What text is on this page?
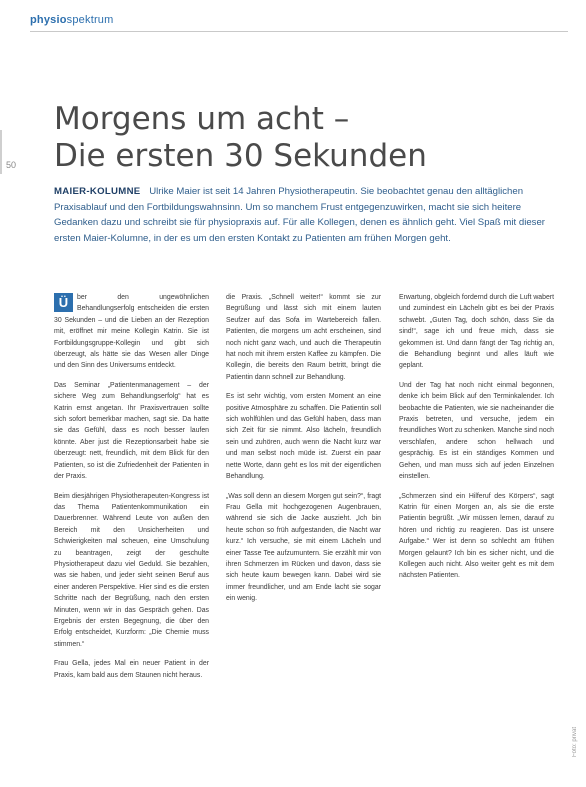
physiospektrum
50
Morgens um acht –
Die ersten 30 Sekunden

MAIER-KOLUMNE Ulrike Maier ist seit 14 Jahren Physiotherapeutin. Sie beobachtet genau den alltäglichen Praxisablauf und den Fortbildungswahnsinn. Um so manchem Frust entgegenzuwirken, macht sie sich heitere Gedanken dazu und schreibt sie für physiopraxis auf. Für alle Kollegen, denen es ähnlich geht. Viel Spaß mit dieser ersten Maier-Kolumne, in der es um den ersten Kontakt zu Patienten am frühen Morgen geht.

Ü	ber den ungewöhnlichen Behandlungserfolg entscheiden die ersten 30 Sekunden – und die Lieben an der Rezeption mit, eröffnet mir meine Kollegin Katrin. Sie ist Fortbildungsgruppe-Kollegin und gibt sich überzeugt, als hätte sie das Wesen aller Dinge und den Sinn des Universums entdeckt.

Das Seminar „Patientenmanagement – der sichere Weg zum Behandlungserfolg“ hat es Katrin ernst angetan. Ihr Praxisvertrauen sollte sich sofort bemerkbar machen, sagt sie. Da hatte sie das Gefühl, dass es noch besser laufen könnte. Aber just die Rezeptionsarbeit habe sie überzeugt: nett, freundlich, mit dem Blick für den Patienten, so ist die Zufriedenheit der Patienten in der Praxis.

Beim diesjährigen Physiotherapeuten-Kongress ist das Thema Patientenkommunikation ein Dauerbrenner. Während Leute von außen den Bereich mit den Unsicherheiten und Schwierigkeiten mal scheuen, eine Umschulung zu beantragen, zeigt der geschulte Physiotherapeut dazu viel Geduld. Sie bezahlen, was sie haben, und jeder sieht seinen Beruf aus einer anderen Perspektive. Hier sind es die ersten Schritte nach der Begrüßung, nach den ersten Minuten, wenn wir in das Gespräch gehen. Das Ergebnis der ersten Begegnung, die über den Erfolg entscheidet, Kurzform: „Die Chemie muss stimmen.“

Frau Gella, jedes Mal ein neuer Patient in der Praxis, kam bald aus dem Staunen nicht heraus.

die Praxis. „Schnell weiter!“ kommt sie zur Begrüßung und lässt sich mit einem lauten Seufzer auf das Sofa im Wartebereich fallen. Patienten, die morgens um acht erscheinen, sind noch nicht ganz wach, und auch die Therapeutin hat noch mit ihrem ersten Kaffee zu kämpfen. Die Kollegin, die bereits den Raum betritt, bringt die Patientin dann schnell zur Behandlung.

Es ist sehr wichtig, vom ersten Moment an eine positive Atmosphäre zu schaffen. Die Patientin soll sich wohlfühlen und das Gefühl haben, dass man sich Zeit für sie nimmt. Also lächeln, freundlich sein und zuhören, auch wenn die Nacht kurz war und man selbst noch müde ist. Zuerst ein paar nette Worte, dann geht es los mit der eigentlichen Behandlung.

„Was soll denn an diesem Morgen gut sein?“, fragt Frau Gella mit hochgezogenen Augenbrauen, während sie sich die Jacke auszieht. „Ich bin heute schon so früh aufgestanden, die Nacht war kurz.“ Ich versuche, sie mit einem Lächeln und einer Tasse Tee aufzumuntern. Sie erzählt mir von ihren Schmerzen im Rücken und davon, dass sie sich heute kaum bewegen kann. Dabei wird sie immer freundlicher, und am Ende lacht sie sogar ein wenig.

Erwartung, obgleich fordernd durch die Luft wabert und zumindest ein Lächeln gibt es bei der Praxis schwebt. „Guten Tag, doch schön, dass Sie da sind!“, sage ich und freue mich, dass sie gekommen ist. Und dann fängt der Tag richtig an, die Behandlung beginnt und alles läuft wie geplant.

Und der Tag hat noch nicht einmal begonnen, denke ich beim Blick auf den Terminkalender. Ich beobachte die Patienten, wie sie nacheinander die Praxis betreten, und versuche, jedem ein freundliches Wort zu schenken. Manche sind noch verschlafen, andere schon hellwach und gesprächig. Es ist ein ständiges Kommen und Gehen, und man muss sich auf jeden Einzelnen einstellen.

„Schmerzen sind ein Hilferuf des Körpers“, sagt Katrin für einen Morgen an, als sie die erste Patientin begrüßt. „Wir müssen lernen, darauf zu hören und richtig zu reagieren. Das ist unsere Aufgabe.“ Wer ist denn so schlecht am frühen Morgen gelaunt? Ich bin es sicher nicht, und die Kollegen auch nicht. Also weiter geht es mit dem nächsten Patienten.

Foto: privat
